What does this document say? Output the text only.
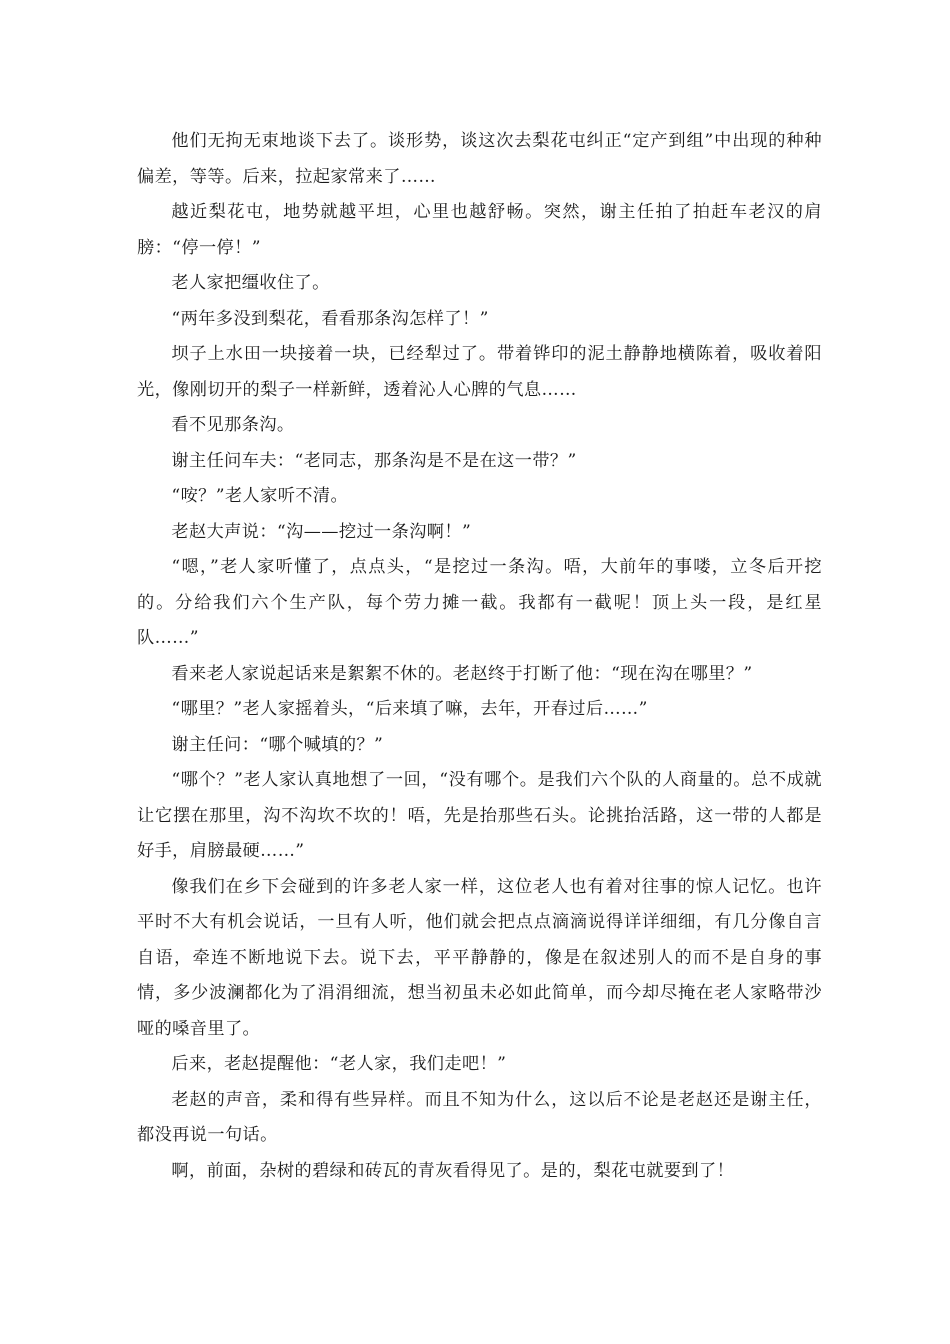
他们无拘无束地谈下去了。谈形势，谈这次去梨花屯纠正“定产到组”中出现的种种偏差，等等。后来，拉起家常来了……

越近梨花屯，地势就越平坦，心里也越舒畅。突然，谢主任拍了拍赶车老汉的肩膀：“停一停！”

老人家把缰收住了。

“两年多没到梨花，看看那条沟怎样了！”

坝子上水田一块接着一块，已经犁过了。带着铧印的泥土静静地横陈着，吸收着阳光，像刚切开的梨子一样新鲜，透着沁人心脾的气息……

看不见那条沟。

谢主任问车夫：“老同志，那条沟是不是在这一带？”

“咹？”老人家听不清。

老赵大声说：“沟——挖过一条沟啊！”

“嗯，”老人家听懂了，点点头，“是挖过一条沟。唔，大前年的事喽，立冬后开挖的。分给我们六个生产队，每个劳力摊一截。我都有一截呢！顶上头一段，是红星队……”

看来老人家说起话来是絮絮不休的。老赵终于打断了他：“现在沟在哪里？”

“哪里？”老人家摇着头，“后来填了嘛，去年，开春过后……”

谢主任问：“哪个喊填的？”

“哪个？”老人家认真地想了一回，“没有哪个。是我们六个队的人商量的。总不成就让它摆在那里，沟不沟坎不坎的！唔，先是抬那些石头。论挑抬活路，这一带的人都是好手，肩膀最硬……”

像我们在乡下会碰到的许多老人家一样，这位老人也有着对往事的惊人记忆。也许平时不大有机会说话，一旦有人听，他们就会把点点滴滴说得详详细细，有几分像自言自语，牵连不断地说下去。说下去，平平静静的，像是在叙述别人的而不是自身的事情，多少波澜都化为了涓涓细流，想当初虽未必如此简单，而今却尽掩在老人家略带沙哑的嗓音里了。

后来，老赵提醒他：“老人家，我们走吧！”

老赵的声音，柔和得有些异样。而且不知为什么，这以后不论是老赵还是谢主任，都没再说一句话。

啊，前面，杂树的碧绿和砖瓦的青灰看得见了。是的，梨花屯就要到了！
